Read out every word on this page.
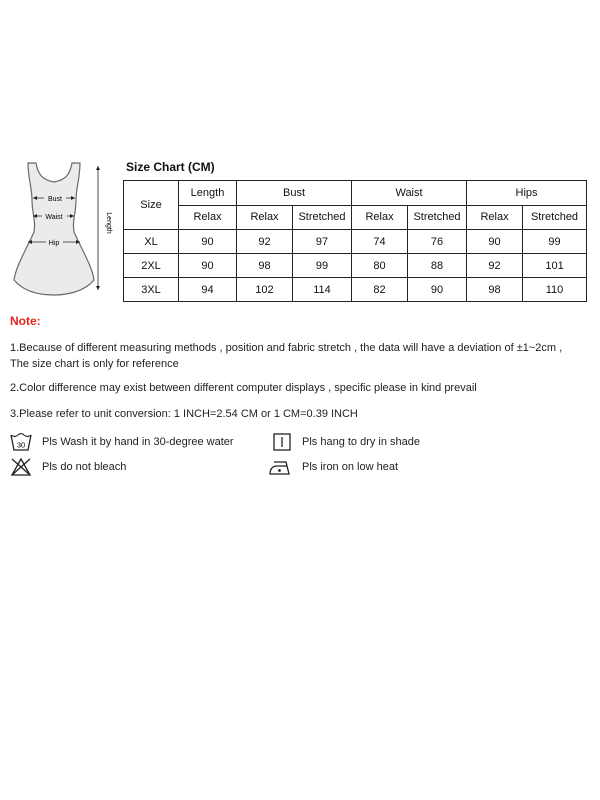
Bust
Waist
Hip
Length
Size Chart (CM)
Size	Length	Bust		Waist		Hips	
	Relax	Relax	Stretched	Relax	Stretched	Relax	Stretched
XL	90	92	97	74	76	90	99
2XL	90	98	99	80	88	92	101
3XL	94	102	114	82	90	98	110
Note:
1.Because of different measuring methods , position and fabric stretch , the data will have a deviation of ±1~2cm ,
The size chart is only for reference
2.Color difference may exist between different computer displays , specific please in kind prevail
3.Please refer to unit conversion: 1 INCH=2.54 CM or 1 CM=0.39 INCH
30 Pls Wash it by hand in 30-degree water	Pls hang to dry in shade
Pls do not bleach	Pls iron on low heat
